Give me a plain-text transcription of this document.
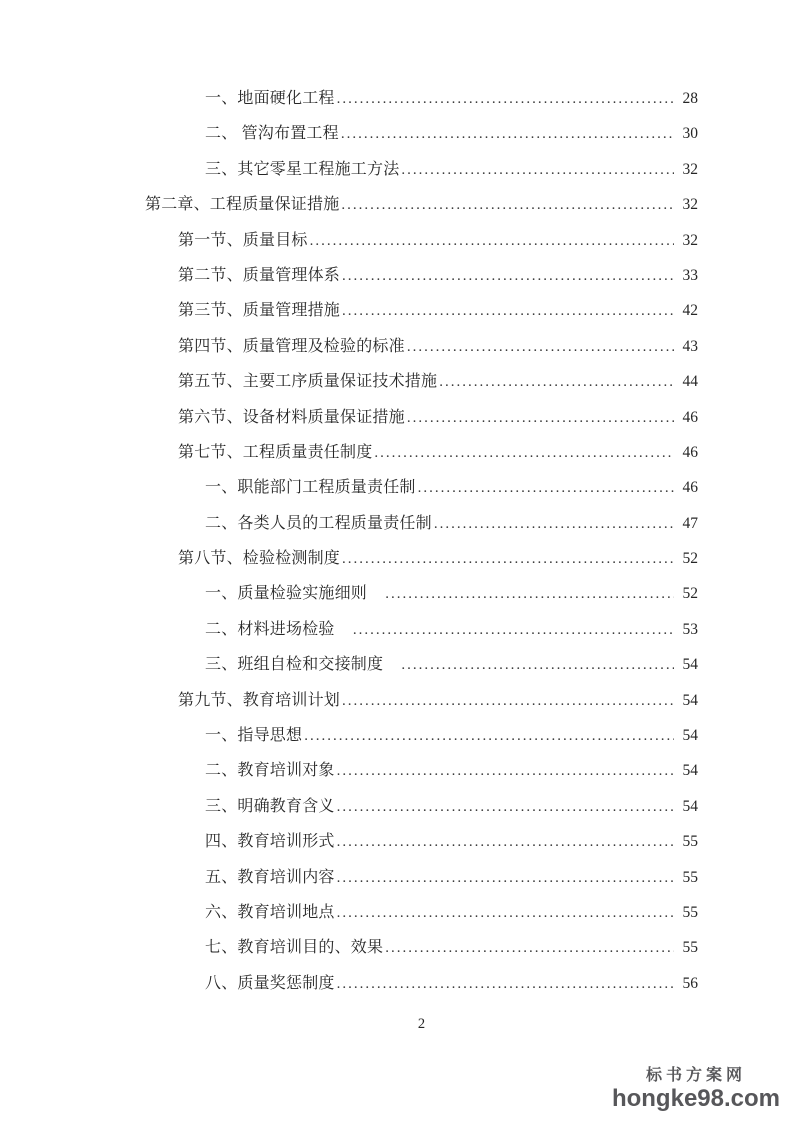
一、地面硬化工程 .....	28
二、 管沟布置工程 .....	30
三、其它零星工程施工方法 .....	32
第二章、工程质量保证措施 .....	32
第一节、质量目标 .....	32
第二节、质量管理体系 .....	33
第三节、质量管理措施 .....	42
第四节、质量管理及检验的标准 .....	43
第五节、主要工序质量保证技术措施 .....	44
第六节、设备材料质量保证措施 .....	46
第七节、工程质量责任制度 .....	46
一、职能部门工程质量责任制 .....	46
二、各类人员的工程质量责任制 .....	47
第八节、检验检测制度 .....	52
一、质量检验实施细则　 .....	52
二、材料进场检验　 .....	53
三、班组自检和交接制度　 .....	54
第九节、教育培训计划 .....	54
一、指导思想 .....	54
二、教育培训对象 .....	54
三、明确教育含义 .....	54
四、教育培训形式 .....	55
五、教育培训内容 .....	55
六、教育培训地点 .....	55
七、教育培训目的、效果 .....	55
八、质量奖惩制度 .....	56
2
标书方案网
hongke98.com
